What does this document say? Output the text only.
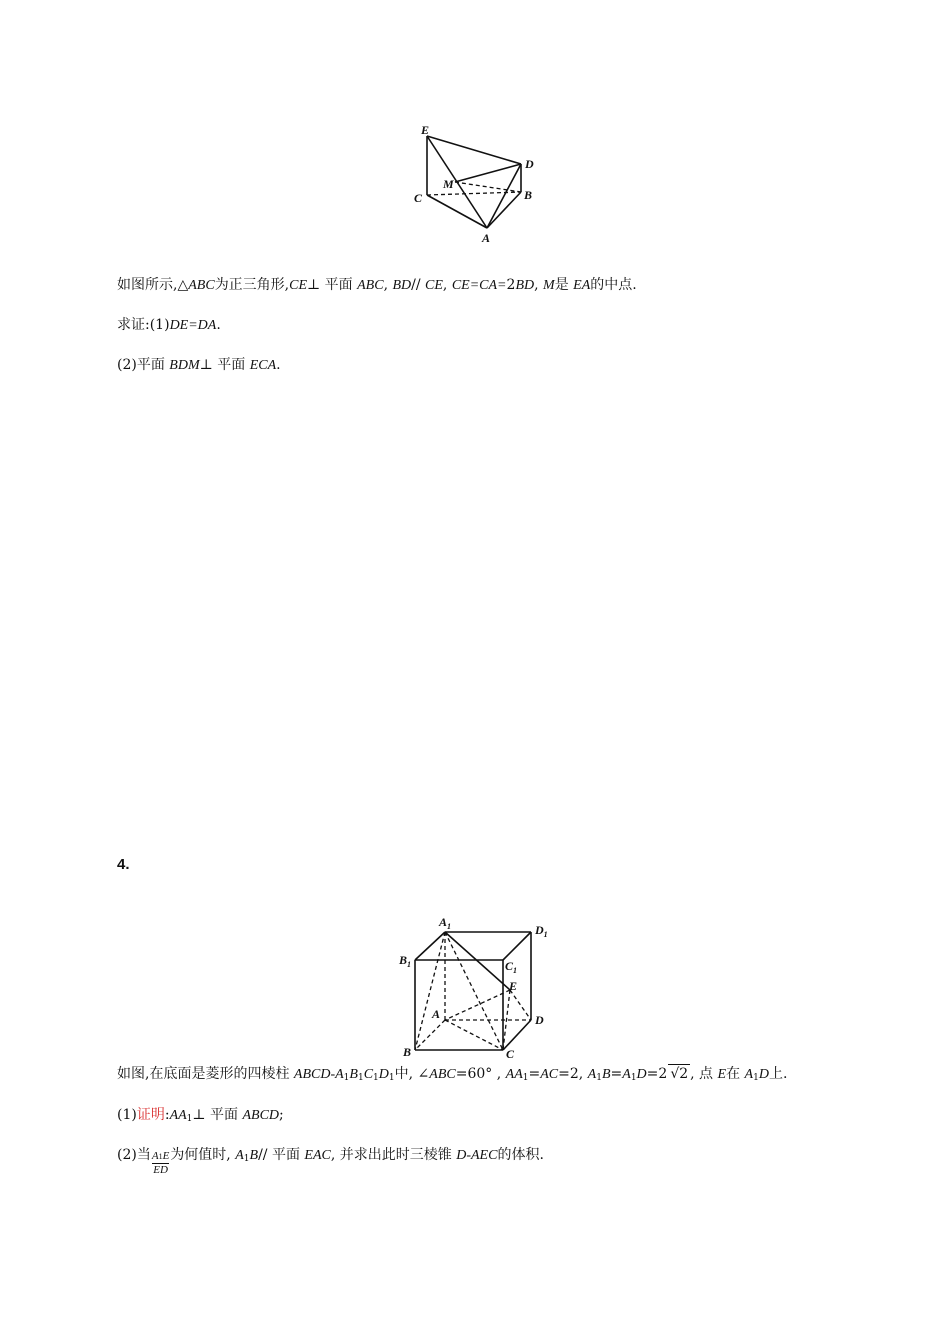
E
D
M
C	B
A
如图所示,△ABC为正三角形,CE⊥ 平面 ABC, BD// CE, CE=CA=2BD, M是 EA的中点.
求证:(1)DE=DA.
(2)平面 BDM⊥ 平面 ECA.
4.
$A_1$	$D_1$
$B_1$	$C_1$
E
A	D
B	C
如图,在底面是菱形的四棱柱 ABCD-$A_1B_1C_1D_1$中, ∠ABC=60° , $AA_1=AC=2$, $A_1B=A_1D=2$ √2 , 点 E在 $A_1D$上.
(1)证明$:AA_1\perp$ 平面 ABCD;
(2)当 $\frac{A1E}{ED}$ 为何值时, $A_1B//$ 平面 EAC, 并求出此时三棱锥 D-AEC的体积.
